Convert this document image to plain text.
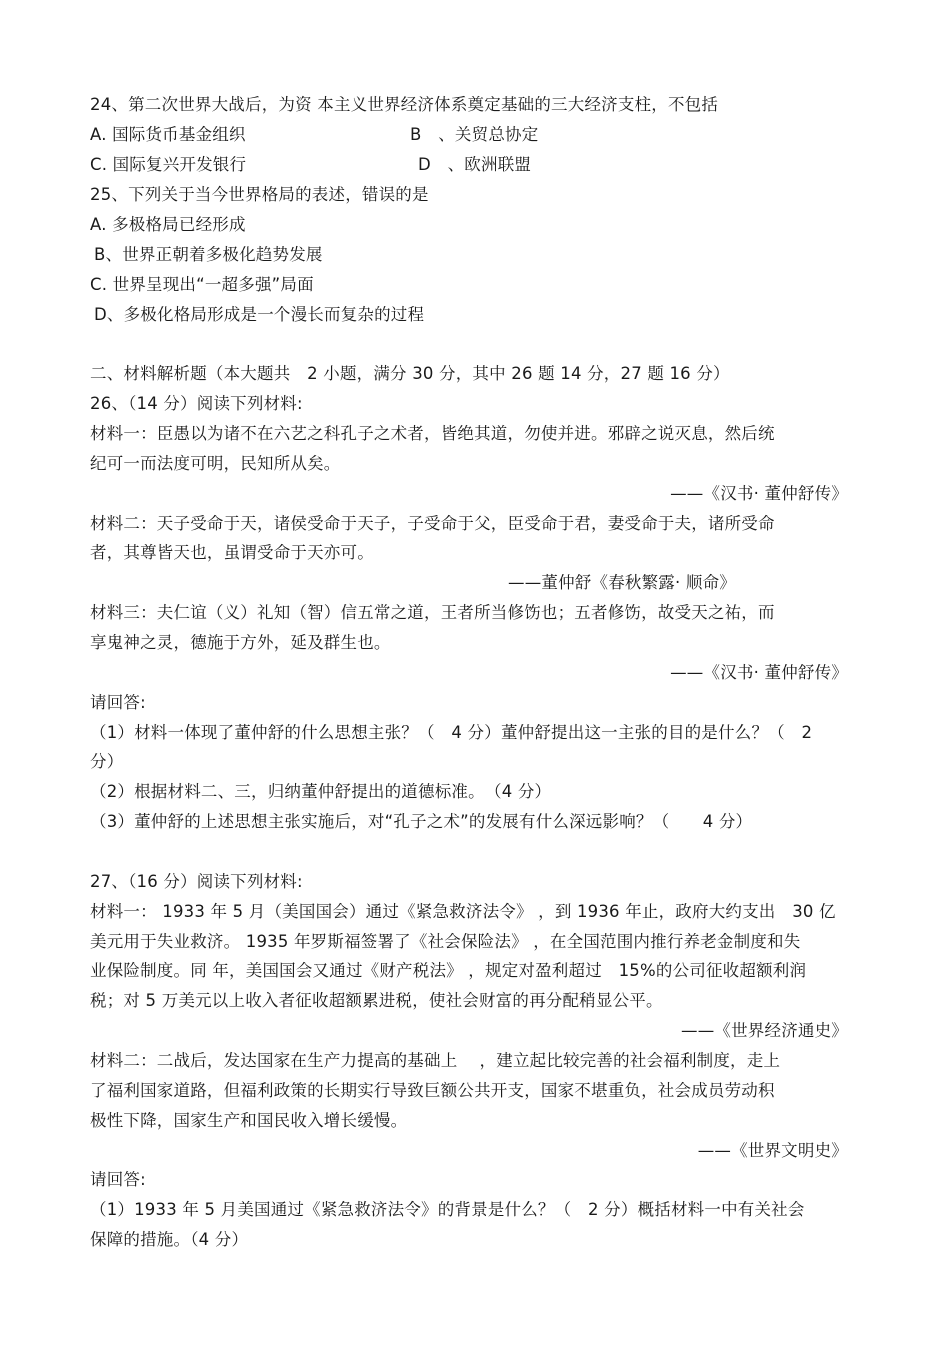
24、第二次世界大战后，为资 本主义世界经济体系奠定基础的三大经济支柱，不包括
A. 国际货币基金组织	B　、关贸总协定
C. 国际复兴开发银行	D　、欧洲联盟
25、下列关于当今世界格局的表述，错误的是
A. 多极格局已经形成
B、世界正朝着多极化趋势发展
C. 世界呈现出“一超多强”局面
D、多极化格局形成是一个漫长而复杂的过程
二、材料解析题（本大题共　2 小题，满分 30 分，其中 26 题 14 分，27 题 16 分）
26、（14 分）阅读下列材料:
材料一：臣愚以为诸不在六艺之科孔子之术者，皆绝其道，勿使并进。邪辟之说灭息，然后统
纪可一而法度可明，民知所从矣。
——《汉书· 董仲舒传》
材料二：天子受命于天，诸侯受命于天子，子受命于父，臣受命于君，妻受命于夫，诸所受命
者，其尊皆天也，虽谓受命于天亦可。
——董仲舒《春秋繁露· 顺命》
材料三：夫仁谊（义）礼知（智）信五常之道，王者所当修饬也；五者修饬，故受天之祐，而
享鬼神之灵，德施于方外，延及群生也。
——《汉书· 董仲舒传》
请回答:
（1）材料一体现了董仲舒的什么思想主张？（　4 分）董仲舒提出这一主张的目的是什么？（　2
分）
（2）根据材料二、三，归纳董仲舒提出的道德标准。　（4 分）
（3）董仲舒的上述思想主张实施后，对“孔子之术”的发展有什么深远影响？（　　4 分）
27、（16 分）阅读下列材料:
材料一： 1933 年 5 月（美国国会）通过《紧急救济法令》 ，到 1936 年止，政府大约支出　30 亿
美元用于失业救济。 1935 年罗斯福签署了《社会保险法》 ，在全国范围内推行养老金制度和失
业保险制度。同 年，美国国会又通过《财产税法》 ，规定对盈利超过　15%的公司征收超额利润
税；对 5 万美元以上收入者征收超额累进税，使社会财富的再分配稍显公平。
——《世界经济通史》
材料二：二战后，发达国家在生产力提高的基础上　 ，建立起比较完善的社会福利制度，走上
了福利国家道路，但福利政策的长期实行导致巨额公共开支，国家不堪重负，社会成员劳动积
极性下降，国家生产和国民收入增长缓慢。
——《世界文明史》
请回答:
（1）1933 年 5 月美国通过《紧急救济法令》的背景是什么？（　2 分）概括材料一中有关社会
保障的措施。（4 分）
